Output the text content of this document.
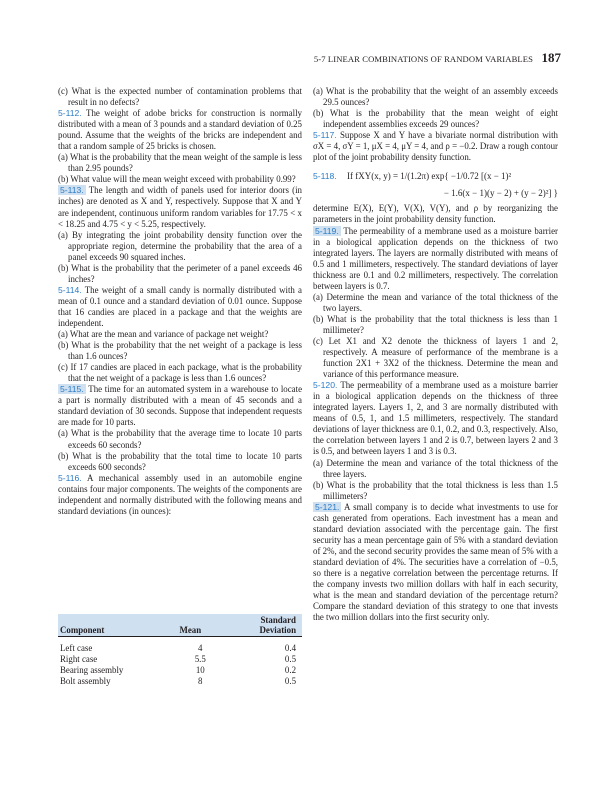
5-7 LINEAR COMBINATIONS OF RANDOM VARIABLES 187

(c) What is the expected number of contamination problems that result in no defects?

5-112. The weight of adobe bricks for construction is normally distributed with a mean of 3 pounds and a standard deviation of 0.25 pound. Assume that the weights of the bricks are independent and that a random sample of 25 bricks is chosen.

(a) What is the probability that the mean weight of the sample is less than 2.95 pounds?

(b) What value will the mean weight exceed with probability 0.99?

5-113. The length and width of panels used for interior doors (in inches) are denoted as X and Y, respectively. Suppose that X and Y are independent, continuous uniform random variables for 17.75 < x < 18.25 and 4.75 < y < 5.25, respectively.

(a) By integrating the joint probability density function over the appropriate region, determine the probability that the area of a panel exceeds 90 squared inches.

(b) What is the probability that the perimeter of a panel exceeds 46 inches?

5-114. The weight of a small candy is normally distributed with a mean of 0.1 ounce and a standard deviation of 0.01 ounce. Suppose that 16 candies are placed in a package and that the weights are independent.

(a) What are the mean and variance of package net weight?

(b) What is the probability that the net weight of a package is less than 1.6 ounces?

(c) If 17 candies are placed in each package, what is the probability that the net weight of a package is less than 1.6 ounces?

5-115. The time for an automated system in a warehouse to locate a part is normally distributed with a mean of 45 seconds and a standard deviation of 30 seconds. Suppose that independent requests are made for 10 parts.

(a) What is the probability that the average time to locate 10 parts exceeds 60 seconds?

(b) What is the probability that the total time to locate 10 parts exceeds 600 seconds?

5-116. A mechanical assembly used in an automobile engine contains four major components. The weights of the components are independent and normally distributed with the following means and standard deviations (in ounces):

Component	Mean	Standard
Deviation

Left case	4	0.4
Right case	5.5	0.5
Bearing assembly	10	0.2
Bolt assembly	8	0.5

(a) What is the probability that the weight of an assembly exceeds 29.5 ounces?

(b) What is the probability that the mean weight of eight independent assemblies exceeds 29 ounces?

5-117. Suppose X and Y have a bivariate normal distribution with σX = 4, σY = 1, μX = 4, μY = 4, and ρ = −0.2. Draw a rough contour plot of the joint probability density function.

5-118. If fXY(x, y) = 1/(1.2π) exp{ −1/0.72 [(x − 1)²

− 1.6(x − 1)(y − 2) + (y − 2)²] }

determine E(X), E(Y), V(X), V(Y), and ρ by reorganizing the parameters in the joint probability density function.

5-119. The permeability of a membrane used as a moisture barrier in a biological application depends on the thickness of two integrated layers. The layers are normally distributed with means of 0.5 and 1 millimeters, respectively. The standard deviations of layer thickness are 0.1 and 0.2 millimeters, respectively. The correlation between layers is 0.7.

(a) Determine the mean and variance of the total thickness of the two layers.

(b) What is the probability that the total thickness is less than 1 millimeter?

(c) Let X1 and X2 denote the thickness of layers 1 and 2, respectively. A measure of performance of the membrane is a function 2X1 + 3X2 of the thickness. Determine the mean and variance of this performance measure.

5-120. The permeability of a membrane used as a moisture barrier in a biological application depends on the thickness of three integrated layers. Layers 1, 2, and 3 are normally distributed with means of 0.5, 1, and 1.5 millimeters, respectively. The standard deviations of layer thickness are 0.1, 0.2, and 0.3, respectively. Also, the correlation between layers 1 and 2 is 0.7, between layers 2 and 3 is 0.5, and between layers 1 and 3 is 0.3.

(a) Determine the mean and variance of the total thickness of the three layers.

(b) What is the probability that the total thickness is less than 1.5 millimeters?

5-121. A small company is to decide what investments to use for cash generated from operations. Each investment has a mean and standard deviation associated with the percentage gain. The first security has a mean percentage gain of 5% with a standard deviation of 2%, and the second security provides the same mean of 5% with a standard deviation of 4%. The securities have a correlation of −0.5, so there is a negative correlation between the percentage returns. If the company invests two million dollars with half in each security, what is the mean and standard deviation of the percentage return? Compare the standard deviation of this strategy to one that invests the two million dollars into the first security only.
